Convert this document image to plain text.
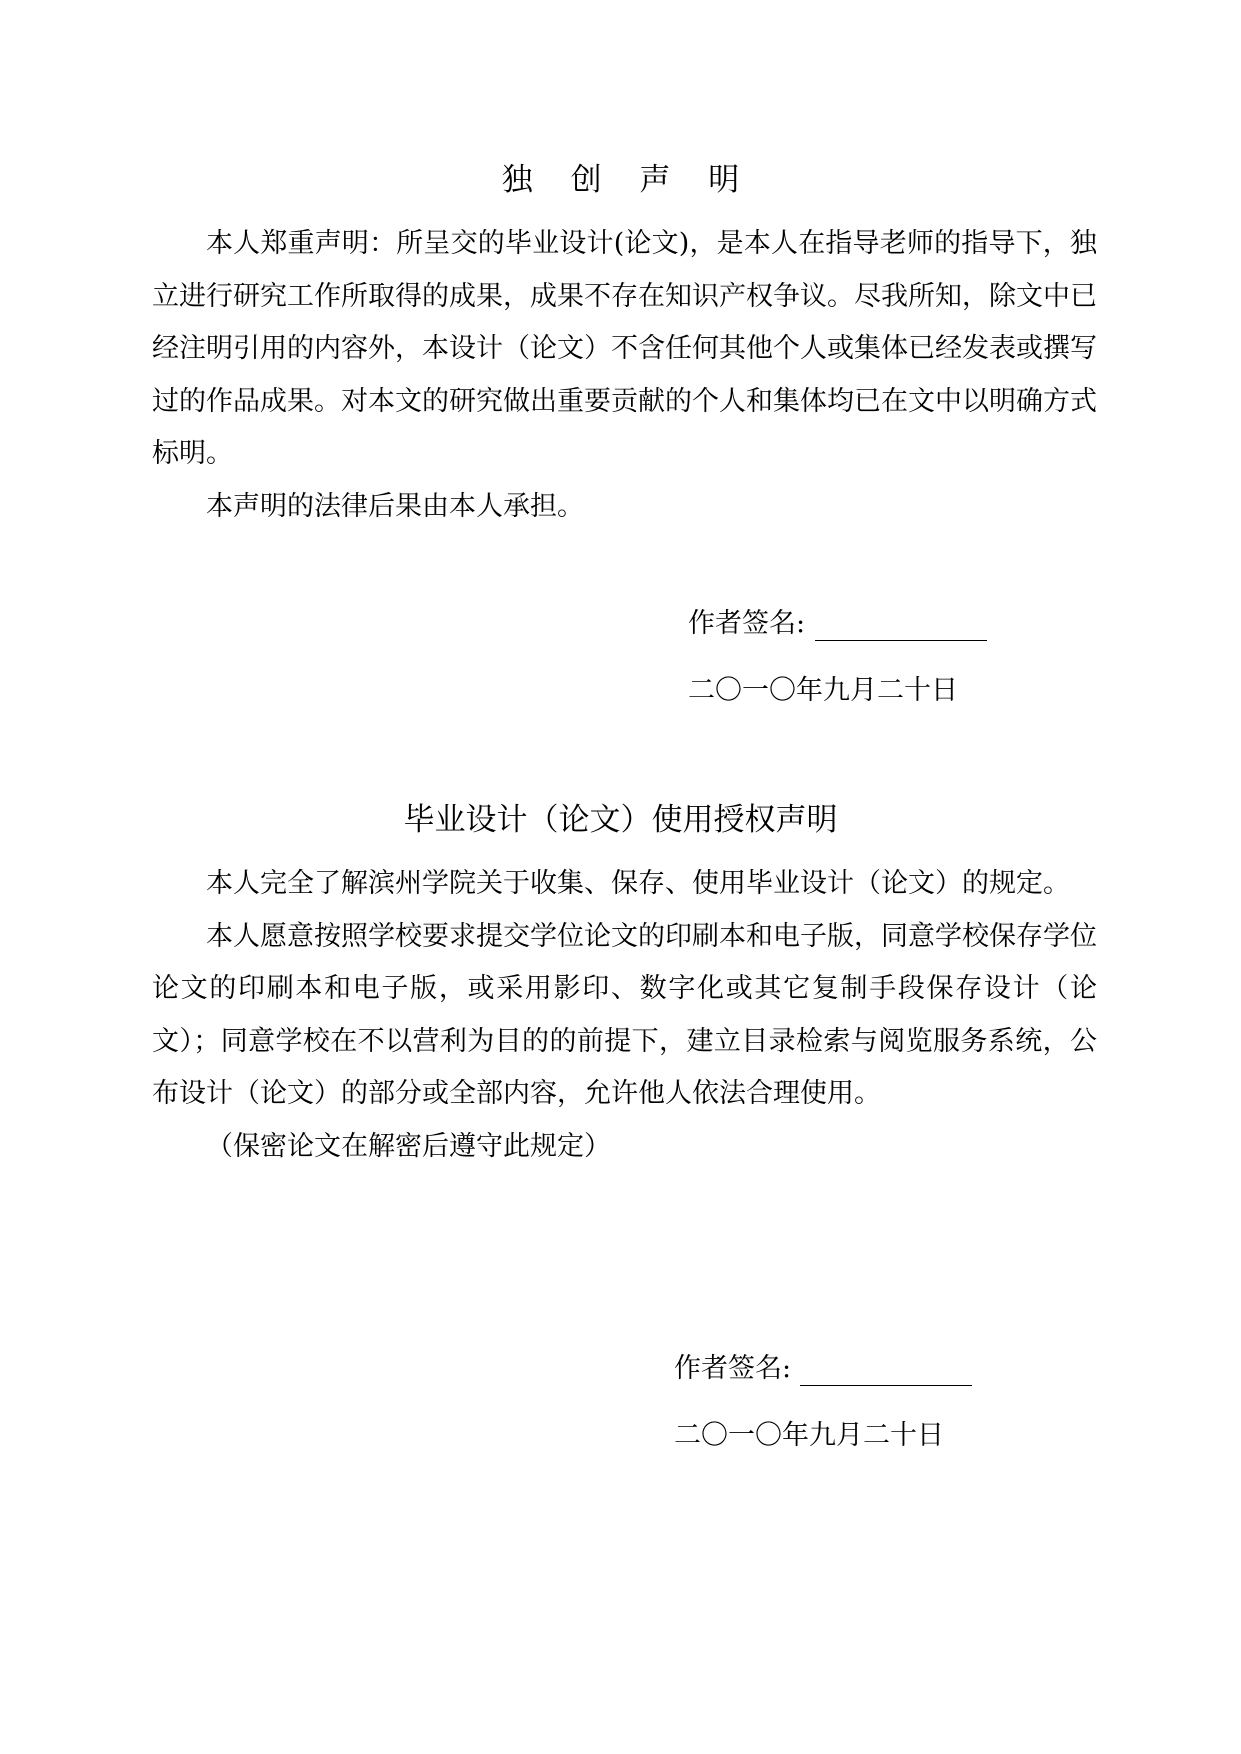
独 创 声 明

本人郑重声明：所呈交的毕业设计(论文)，是本人在指导老师的指导下，独立进行研究工作所取得的成果，成果不存在知识产权争议。尽我所知，除文中已经注明引用的内容外，本设计（论文）不含任何其他个人或集体已经发表或撰写过的作品成果。对本文的研究做出重要贡献的个人和集体均已在文中以明确方式标明。

本声明的法律后果由本人承担。

作者签名:
二〇一〇年九月二十日
毕业设计（论文）使用授权声明

本人完全了解滨州学院关于收集、保存、使用毕业设计（论文）的规定。

本人愿意按照学校要求提交学位论文的印刷本和电子版，同意学校保存学位论文的印刷本和电子版，或采用影印、数字化或其它复制手段保存设计（论文）；同意学校在不以营利为目的的前提下，建立目录检索与阅览服务系统，公布设计（论文）的部分或全部内容，允许他人依法合理使用。

（保密论文在解密后遵守此规定）

作者签名:
二〇一〇年九月二十日
